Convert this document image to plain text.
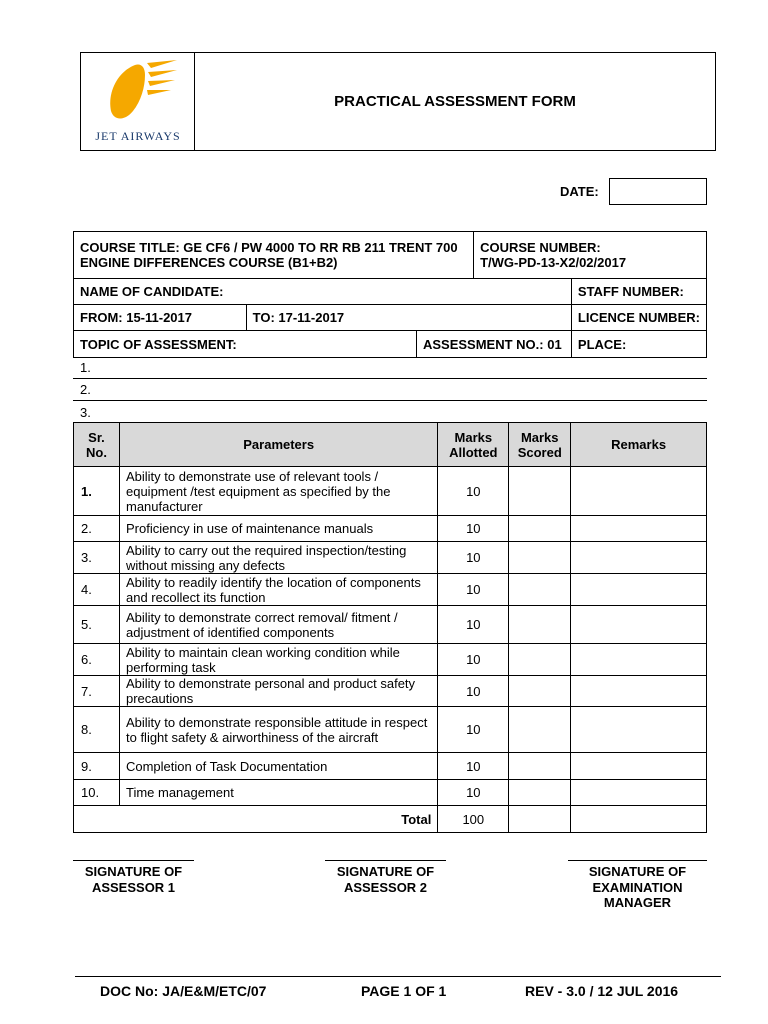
JET AIRWAYS
PRACTICAL ASSESSMENT FORM
DATE:
COURSE TITLE: GE CF6 / PW 4000 TO RR RB 211 TRENT 700 ENGINE DIFFERENCES COURSE (B1+B2)			COURSE NUMBER:
T/WG-PD-13-X2/02/2017	

NAME OF CANDIDATE:				STAFF NUMBER:
FROM: 15-11-2017	TO: 17-11-2017			LICENCE NUMBER:
TOPIC OF ASSESSMENT:		ASSESSMENT NO.: 01		PLACE:
1.
2.
3.
Sr. No.	Parameters	Marks Allotted	Marks Scored	Remarks
1.	Ability to demonstrate use of relevant tools / equipment /test equipment as specified by the manufacturer	10		
2.	Proficiency in use of maintenance manuals	10		
3.	Ability to carry out the required inspection/testing without missing any defects	10		
4.	Ability to readily identify the location of components and recollect its function	10		
5.	Ability to demonstrate correct removal/ fitment / adjustment of identified components	10		
6.	Ability to maintain clean working condition while performing task	10		
7.	Ability to demonstrate personal and product safety precautions	10		
8.	Ability to demonstrate responsible attitude in respect to flight safety & airworthiness of the aircraft	10		
9.	Completion of Task Documentation	10		
10.	Time management	10		
	Total	100		
SIGNATURE OF ASSESSOR 1
SIGNATURE OF ASSESSOR 2
SIGNATURE OF EXAMINATION MANAGER
DOC No: JA/E&M/ETC/07	PAGE 1 OF 1	REV - 3.0 / 12 JUL 2016
